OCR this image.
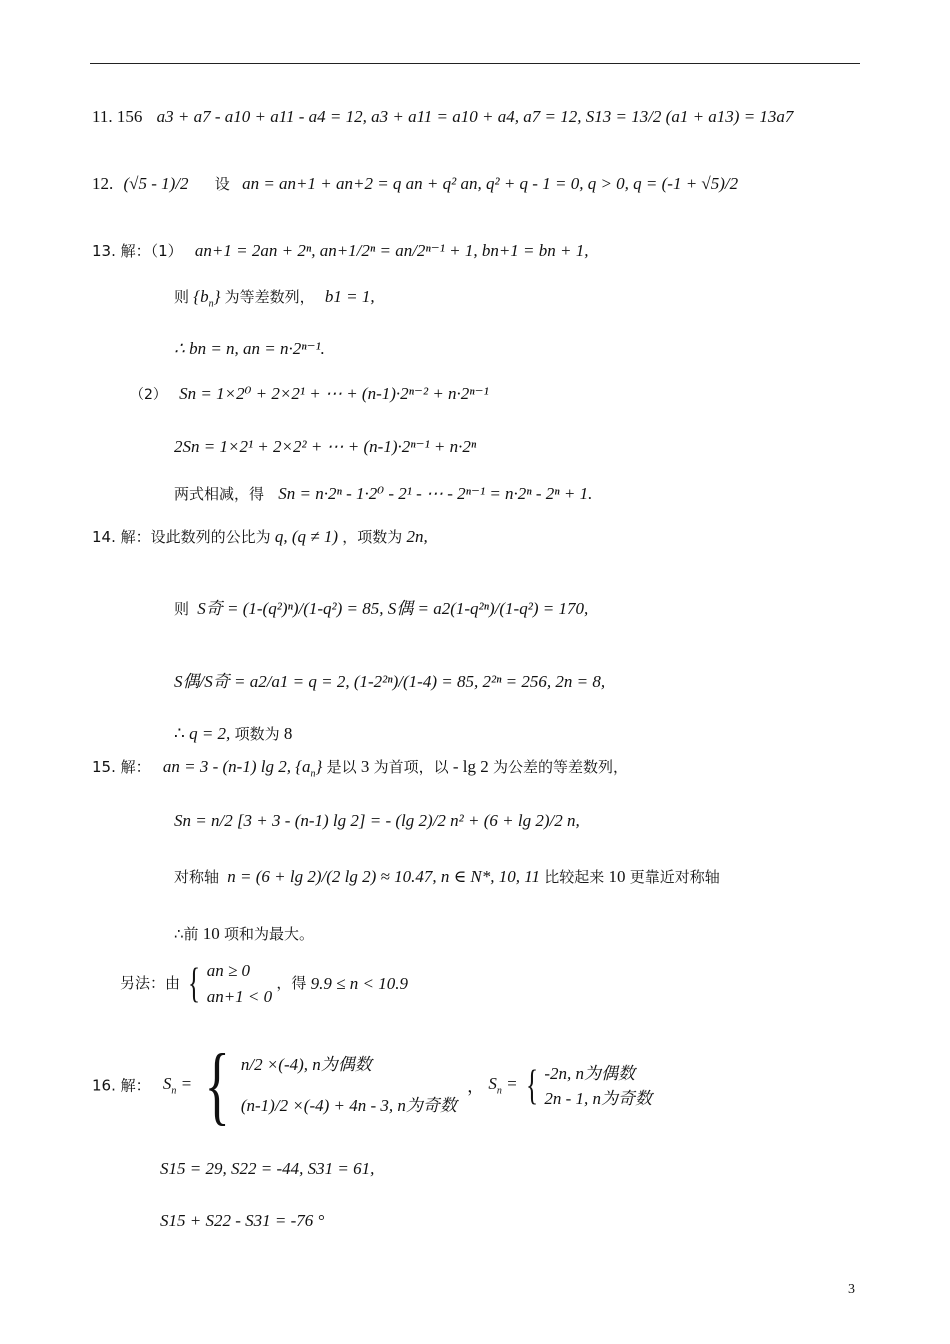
11. 156 a3 + a7 - a10 + a11 - a4 = 12, a3 + a11 = a10 + a4, a7 = 12, S13 = 13/2 (a1 + a13) = 13a7
12. (√5 - 1)/2 设 an = an+1 + an+2 = q an + q² an, q² + q - 1 = 0, q > 0, q = (-1 + √5)/2
13. 解：（1） an+1 = 2an + 2ⁿ, an+1/2ⁿ = an/2ⁿ⁻¹ + 1, bn+1 = bn + 1,
则 $\{b_n\}$ 为等差数列， b1 = 1,
∴ bn = n, an = n·2ⁿ⁻¹.
（2） Sn = 1×2⁰ + 2×2¹ + ⋯ + (n-1)·2ⁿ⁻² + n·2ⁿ⁻¹
2Sn = 1×2¹ + 2×2² + ⋯ + (n-1)·2ⁿ⁻¹ + n·2ⁿ
两式相减，得 Sn = n·2ⁿ - 1·2⁰ - 2¹ - ⋯ - 2ⁿ⁻¹ = n·2ⁿ - 2ⁿ + 1.
14. 解：设此数列的公比为 q, (q ≠ 1) ，项数为 2n,
则 S奇 = (1-(q²)ⁿ)/(1-q²) = 85, S偶 = a2(1-q²ⁿ)/(1-q²) = 170,
S偶/S奇 = a2/a1 = q = 2, (1-2²ⁿ)/(1-4) = 85, 2²ⁿ = 256, 2n = 8,
∴ q = 2, 项数为 8
15. 解： an = 3 - (n-1) lg 2, $\{a_n\}$ 是以 3 为首项，以 - lg 2 为公差的等差数列，
Sn = n/2 [3 + 3 - (n-1) lg 2] = - (lg 2)/2 n² + (6 + lg 2)/2 n,
对称轴 n = (6 + lg 2)/(2 lg 2) ≈ 10.47, n ∈ N*, 10, 11 比较起来 10 更靠近对称轴
∴前 10 项和为最大。
另法：由 { an ≥ 0
an+1 < 0
，得 9.9 ≤ n < 10.9
16. 解： $S_n$ = { n/2 ×(-4), n为偶数
(n-1)/2 ×(-4) + 4n - 3, n为奇数
， $S_n$ = { -2n, n为偶数
2n - 1, n为奇数
S15 = 29, S22 = -44, S31 = 61,
S15 + S22 - S31 = -76 °
3
